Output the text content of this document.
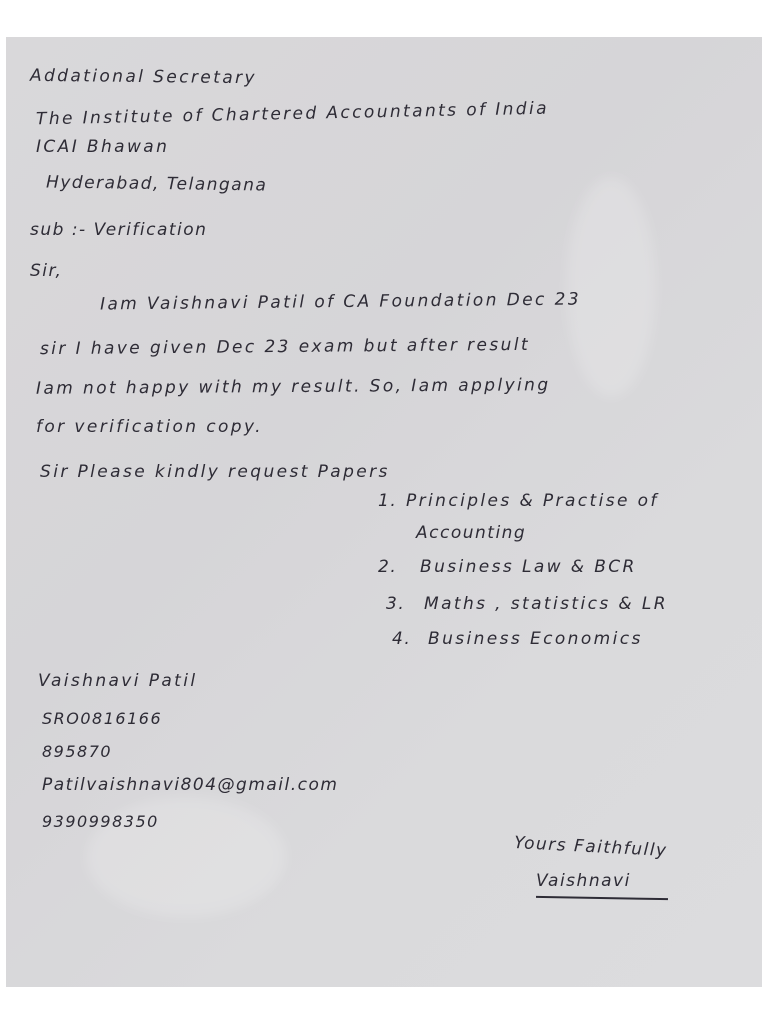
Addational Secretary
The Institute of Chartered Accountants of India
ICAI Bhawan
Hyderabad, Telangana
sub :- Verification
Sir,
Iam Vaishnavi Patil of CA Foundation Dec 23
sir I have given Dec 23 exam but after result
Iam not happy with my result. So, Iam applying
for verification copy.
Sir Please kindly request Papers
1. Principles & Practise of
Accounting
2. Business Law & BCR
3. Maths , statistics & LR
4. Business Economics
Vaishnavi Patil
SRO0816166
895870
Patilvaishnavi804@gmail.com
9390998350
Yours Faithfully
Vaishnavi
